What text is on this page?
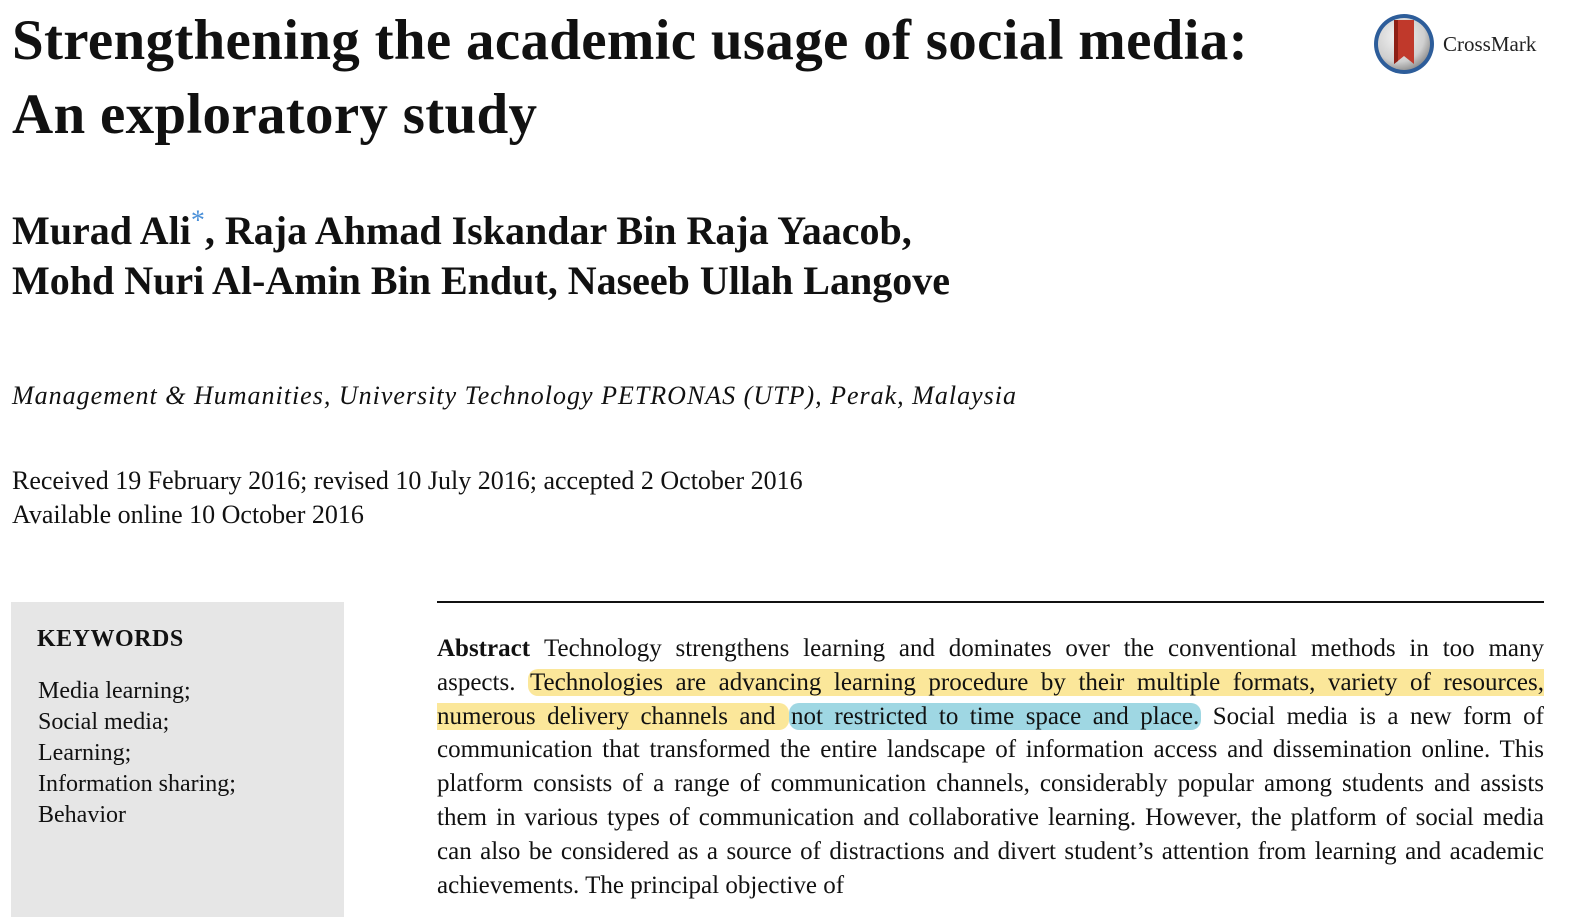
Strengthening the academic usage of social media:
An exploratory study
CrossMark
Murad Ali*, Raja Ahmad Iskandar Bin Raja Yaacob,
Mohd Nuri Al-Amin Bin Endut, Naseeb Ullah Langove

Management & Humanities, University Technology PETRONAS (UTP), Perak, Malaysia

Received 19 February 2016; revised 10 July 2016; accepted 2 October 2016
Available online 10 October 2016
KEYWORDS
Media learning;
Social media;
Learning;
Information sharing;
Behavior

Abstract Technology strengthens learning and dominates over the conventional methods in too many aspects. Technologies are advancing learning procedure by their multiple formats, variety of resources, numerous delivery channels and not restricted to time space and place. Social media is a new form of communication that transformed the entire landscape of information access and dissemination online. This platform consists of a range of communication channels, considerably popular among students and assists them in various types of communication and collaborative learning. However, the platform of social media can also be considered as a source of distractions and divert student’s attention from learning and academic achievements. The principal objective of
